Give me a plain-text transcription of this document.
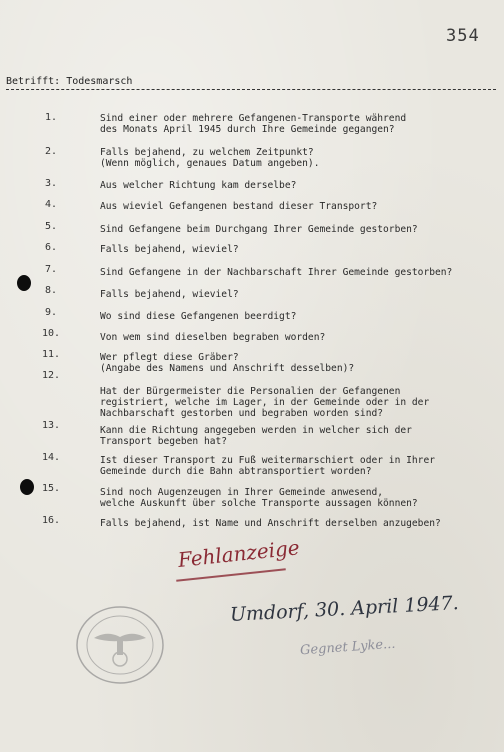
354
Betrifft: Todesmarsch
1.	Sind einer oder mehrere Gefangenen-Transporte während
des Monats April 1945 durch Ihre Gemeinde gegangen?
2.	Falls bejahend, zu welchem Zeitpunkt?
(Wenn möglich, genaues Datum angeben).
3.	Aus welcher Richtung kam derselbe?
4.	Aus wieviel Gefangenen bestand dieser Transport?
5.	Sind Gefangene beim Durchgang Ihrer Gemeinde gestorben?
6.	Falls bejahend, wieviel?
7.	Sind Gefangene in der Nachbarschaft Ihrer Gemeinde gestorben?
8.	Falls bejahend, wieviel?
9.	Wo sind diese Gefangenen beerdigt?
10.	Von wem sind dieselben begraben worden?
11.	Wer pflegt diese Gräber?
(Angabe des Namens und Anschrift desselben)?
12.
Hat der Bürgermeister die Personalien der Gefangenen
registriert, welche im Lager, in der Gemeinde oder in der
Nachbarschaft gestorben und begraben worden sind?
13.	Kann die Richtung angegeben werden in welcher sich der
Transport begeben hat?
14.	Ist dieser Transport zu Fuß weitermarschiert oder in Ihrer
Gemeinde durch die Bahn abtransportiert worden?
15.	Sind noch Augenzeugen in Ihrer Gemeinde anwesend,
welche Auskunft über solche Transporte aussagen können?
16.	Falls bejahend, ist Name und Anschrift derselben anzugeben?
Fehlanzeige
Umdorf, 30. April 1947.
Gegnet Lyke...
